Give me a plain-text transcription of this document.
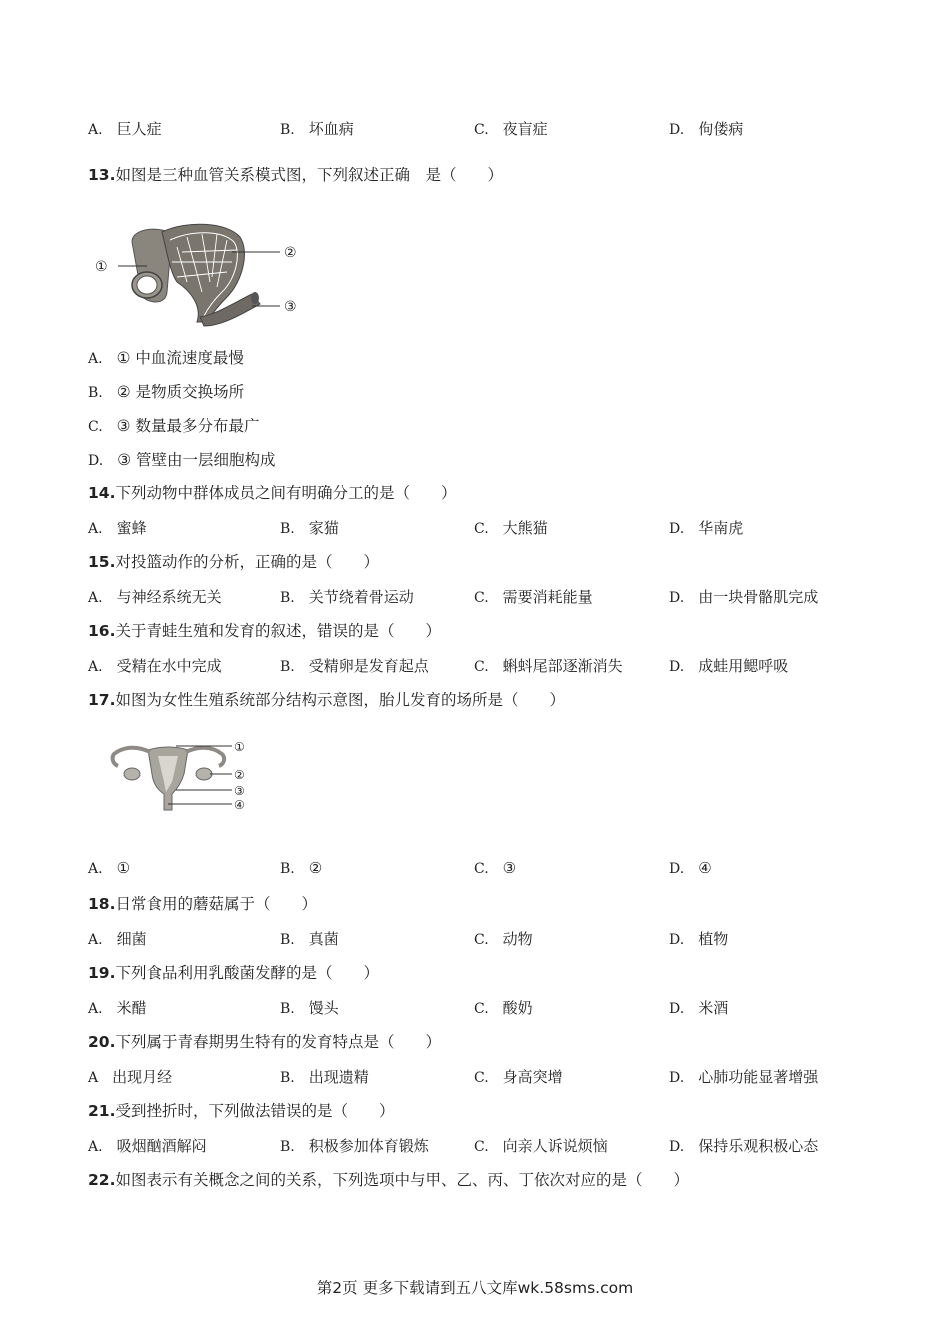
A. 巨人症	B. 坏血病	C. 夜盲症	D. 佝偻病
13.如图是三种血管关系模式图，下列叙述正确　是（　　）
①
②
③
A. ① 中血流速度最慢
B. ② 是物质交换场所
C. ③ 数量最多分布最广
D. ③ 管壁由一层细胞构成
14.下列动物中群体成员之间有明确分工的是（　　）
A. 蜜蜂	B. 家猫	C. 大熊猫	D. 华南虎
15.对投篮动作的分析，正确的是（　　）
A. 与神经系统无关	B. 关节绕着骨运动	C. 需要消耗能量	D. 由一块骨骼肌完成
16.关于青蛙生殖和发育的叙述，错误的是（　　）
A. 受精在水中完成	B. 受精卵是发育起点	C. 蝌蚪尾部逐渐消失	D. 成蛙用鳃呼吸
17.如图为女性生殖系统部分结构示意图，胎儿发育的场所是（　　）
①
②
③
④
A. ①	B. ②	C. ③	D. ④
18.日常食用的蘑菇属于（　　）
A. 细菌	B. 真菌	C. 动物	D. 植物
19.下列食品利用乳酸菌发酵的是（　　）
A. 米醋	B. 馒头	C. 酸奶	D. 米酒
20.下列属于青春期男生特有的发育特点是（　　）
A 出现月经	B. 出现遗精	C. 身高突增	D. 心肺功能显著增强
21.受到挫折时，下列做法错误的是（　　）
A. 吸烟酗酒解闷	B. 积极参加体育锻炼	C. 向亲人诉说烦恼	D. 保持乐观积极心态
22.如图表示有关概念之间的关系，下列选项中与甲、乙、丙、丁依次对应的是（　　）
第2页 更多下载请到五八文库wk.58sms.com
